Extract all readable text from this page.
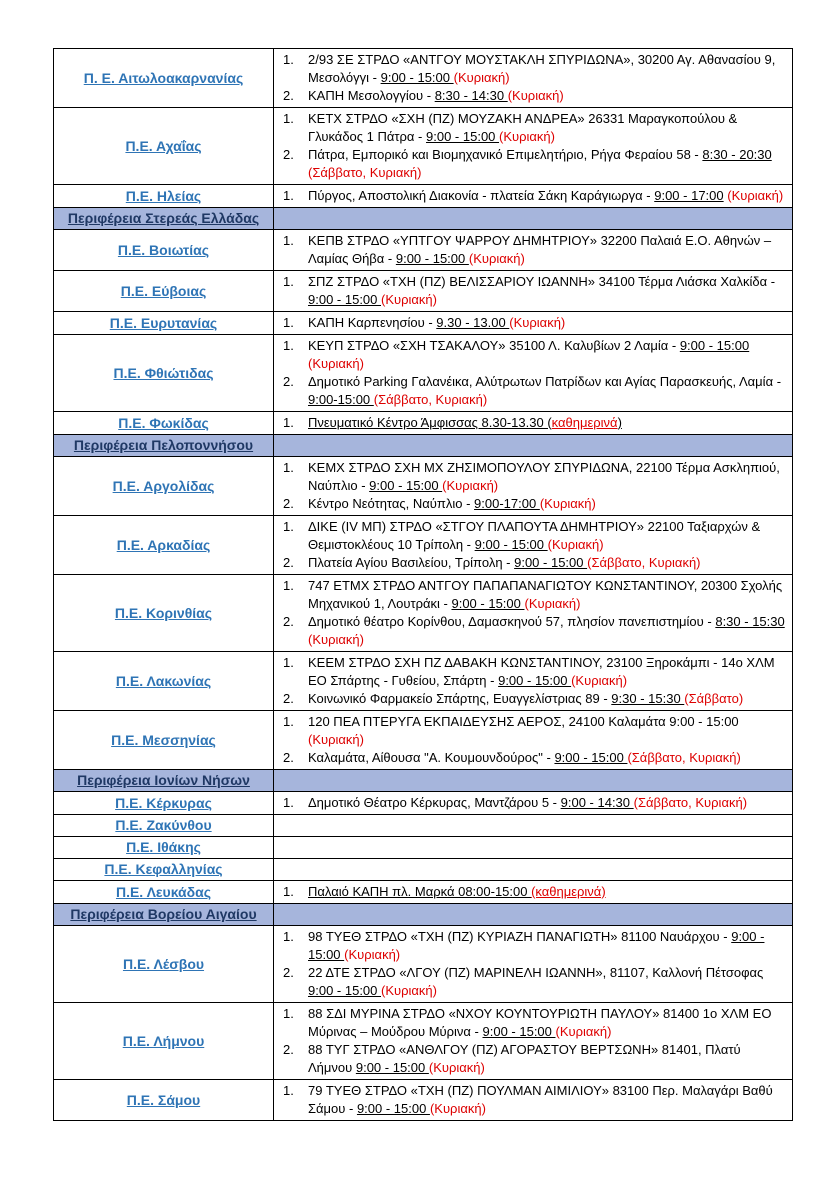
Π. Ε. Αιτωλοακαρνανίας	1. 2/93 ΣΕ ΣΤΡΔΟ «ΑΝΤΓΟΥ ΜΟΥΣΤΑΚΛΗ ΣΠΥΡΙΔΩΝΑ», 30200 Αγ. Αθανασίου 9, Μεσολόγγι - 9:00 - 15:00 (Κυριακή)
2. ΚΑΠΗ Μεσολογγίου - 8:30 - 14:30 (Κυριακή)

Π.Ε. Αχαΐας	1. ΚΕΤΧ ΣΤΡΔΟ «ΣΧΗ (ΠΖ) ΜΟΥΖΑΚΗ ΑΝΔΡΕΑ» 26331 Μαραγκοπούλου & Γλυκάδος 1 Πάτρα - 9:00 - 15:00 (Κυριακή)
2. Πάτρα, Εμπορικό και Βιομηχανικό Επιμελητήριο, Ρήγα Φεραίου 58 - 8:30 - 20:30 (Σάββατο, Κυριακή)

Π.Ε. Ηλείας	1. Πύργος, Αποστολική Διακονία - πλατεία Σάκη Καράγιωργα - 9:00 - 17:00 (Κυριακή)

Περιφέρεια Στερεάς Ελλάδας	
Π.Ε. Βοιωτίας	1. ΚΕΠΒ ΣΤΡΔΟ «ΥΠΤΓΟΥ ΨΑΡΡΟΥ ΔΗΜΗΤΡΙΟΥ» 32200 Παλαιά Ε.Ο. Αθηνών – Λαμίας Θήβα - 9:00 - 15:00 (Κυριακή)

Π.Ε. Εύβοιας	1. ΣΠΖ ΣΤΡΔΟ «ΤΧΗ (ΠΖ) ΒΕΛΙΣΣΑΡΙΟΥ ΙΩΑΝΝΗ» 34100 Τέρμα Λιάσκα Χαλκίδα - 9:00 - 15:00 (Κυριακή)

Π.Ε. Ευρυτανίας	1. ΚΑΠΗ Καρπενησίου - 9.30 - 13.00 (Κυριακή)

Π.Ε. Φθιώτιδας	1. ΚΕΥΠ ΣΤΡΔΟ «ΣΧΗ ΤΣΑΚΑΛΟΥ» 35100 Λ. Καλυβίων 2 Λαμία - 9:00 - 15:00 (Κυριακή)
2. Δημοτικό Parking Γαλανέικα, Αλύτρωτων Πατρίδων και Αγίας Παρασκευής, Λαμία - 9:00-15:00 (Σάββατο, Κυριακή)

Π.Ε. Φωκίδας	1. Πνευματικό Κέντρο Άμφισσας 8.30-13.30 (καθημερινά)

Περιφέρεια Πελοποννήσου	
Π.Ε. Αργολίδας	1. ΚΕΜΧ ΣΤΡΔΟ ΣΧΗ ΜΧ ΖΗΣΙΜΟΠΟΥΛΟΥ ΣΠΥΡΙΔΩΝΑ, 22100 Τέρμα Ασκληπιού, Ναύπλιο - 9:00 - 15:00 (Κυριακή)
2. Κέντρο Νεότητας, Ναύπλιο - 9:00-17:00 (Κυριακή)

Π.Ε. Αρκαδίας	1. ΔΙΚΕ (IV ΜΠ) ΣΤΡΔΟ «ΣΤΓΟΥ ΠΛΑΠΟΥΤΑ ΔΗΜΗΤΡΙΟΥ» 22100 Ταξιαρχών & Θεμιστοκλέους 10 Τρίπολη - 9:00 - 15:00 (Κυριακή)
2. Πλατεία Αγίου Βασιλείου, Τρίπολη - 9:00 - 15:00 (Σάββατο, Κυριακή)

Π.Ε. Κορινθίας	1. 747 ΕΤΜΧ ΣΤΡΔΟ ΑΝΤΓΟΥ ΠΑΠΑΠΑΝΑΓΙΩΤΟΥ ΚΩΝΣΤΑΝΤΙΝΟΥ, 20300 Σχολής Μηχανικού 1, Λουτράκι - 9:00 - 15:00 (Κυριακή)
2. Δημοτικό θέατρο Κορίνθου, Δαμασκηνού 57, πλησίον πανεπιστημίου - 8:30 - 15:30 (Κυριακή)

Π.Ε. Λακωνίας	1. ΚΕΕΜ ΣΤΡΔΟ ΣΧΗ ΠΖ ΔΑΒΑΚΗ ΚΩΝΣΤΑΝΤΙΝΟΥ, 23100 Ξηροκάμπι - 14ο ΧΛΜ ΕΟ Σπάρτης - Γυθείου, Σπάρτη - 9:00 - 15:00 (Κυριακή)
2. Κοινωνικό Φαρμακείο Σπάρτης, Ευαγγελίστριας 89 - 9:30 - 15:30 (Σάββατο)

Π.Ε. Μεσσηνίας	1. 120 ΠΕΑ ΠΤΕΡΥΓΑ ΕΚΠΑΙΔΕΥΣΗΣ ΑΕΡΟΣ, 24100 Καλαμάτα 9:00 - 15:00 (Κυριακή)
2. Καλαμάτα, Αίθουσα "Α. Κουμουνδούρος" - 9:00 - 15:00 (Σάββατο, Κυριακή)

Περιφέρεια Ιονίων Νήσων	
Π.Ε. Κέρκυρας	1. Δημοτικό Θέατρο Κέρκυρας, Μαντζάρου 5 - 9:00 - 14:30 (Σάββατο, Κυριακή)

Π.Ε. Ζακύνθου	
Π.Ε. Ιθάκης	
Π.Ε. Κεφαλληνίας	
Π.Ε. Λευκάδας	1. Παλαιό ΚΑΠΗ πλ. Μαρκά 08:00-15:00 (καθημερινά)

Περιφέρεια Βορείου Αιγαίου	
Π.Ε. Λέσβου	1. 98 ΤΥΕΘ ΣΤΡΔΟ «ΤΧΗ (ΠΖ) ΚΥΡΙΑΖΗ ΠΑΝΑΓΙΩΤΗ» 81100 Ναυάρχου - 9:00 - 15:00 (Κυριακή)
2. 22 ΔΤΕ ΣΤΡΔΟ «ΛΓΟΥ (ΠΖ) ΜΑΡΙΝΕΛΗ ΙΩΑΝΝΗ», 81107, Καλλονή Πέτσοφας 9:00 - 15:00 (Κυριακή)

Π.Ε. Λήμνου	1. 88 ΣΔΙ ΜΥΡΙΝΑ ΣΤΡΔΟ «ΝΧΟΥ ΚΟΥΝΤΟΥΡΙΩΤΗ ΠΑΥΛΟΥ» 81400 1ο ΧΛΜ ΕΟ Μύρινας – Μούδρου Μύρινα - 9:00 - 15:00 (Κυριακή)
2. 88 ΤΥΓ ΣΤΡΔΟ «ΑΝΘΛΓΟΥ (ΠΖ) ΑΓΟΡΑΣΤΟΥ ΒΕΡΤΣΩΝΗ» 81401, Πλατύ Λήμνου 9:00 - 15:00 (Κυριακή)

Π.Ε. Σάμου	1. 79 ΤΥΕΘ ΣΤΡΔΟ «ΤΧΗ (ΠΖ) ΠΟΥΛΜΑΝ ΑΙΜΙΛΙΟΥ» 83100 Περ. Μαλαγάρι Βαθύ Σάμου - 9:00 - 15:00 (Κυριακή)
